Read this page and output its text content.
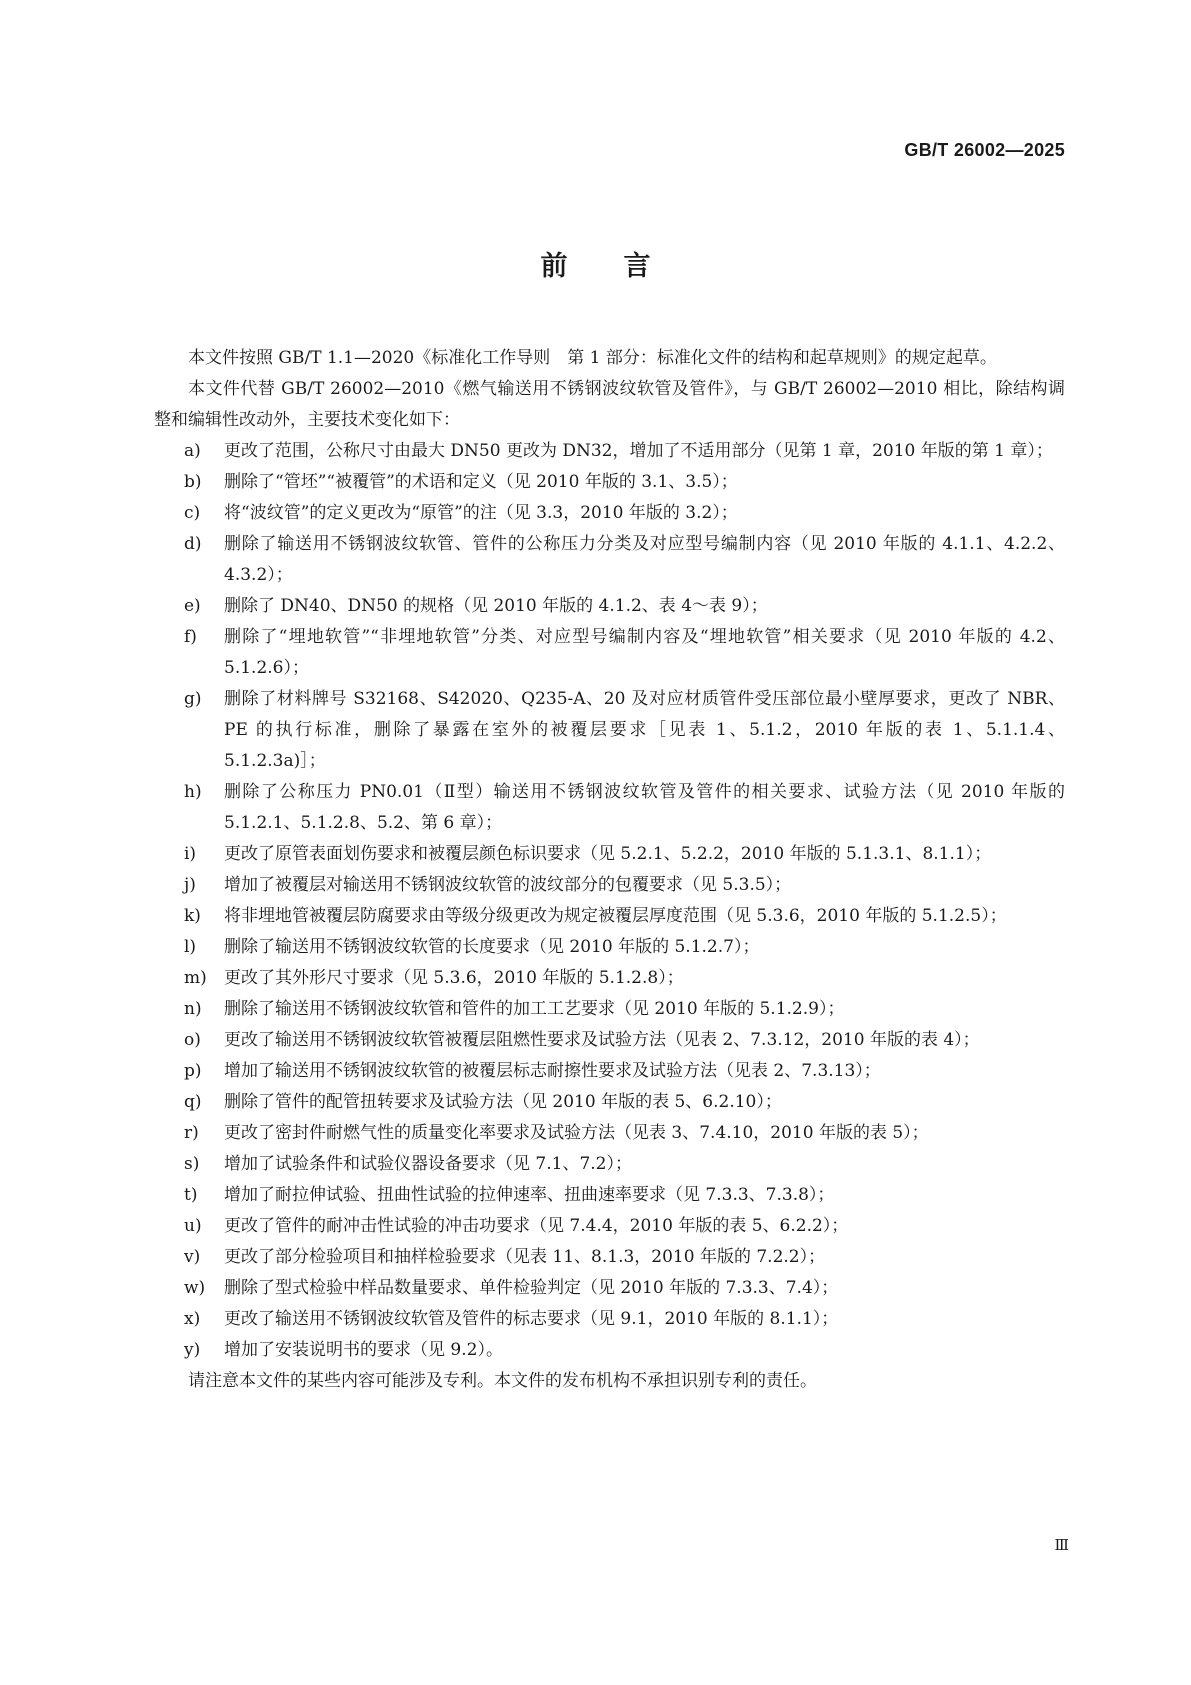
GB/T 26002—2025
前言

本文件按照 GB/T 1.1—2020《标准化工作导则　第 1 部分：标准化文件的结构和起草规则》的规定起草。

本文件代替 GB/T 26002—2010《燃气输送用不锈钢波纹软管及管件》，与 GB/T 26002—2010 相比，除结构调整和编辑性改动外，主要技术变化如下：

a)	更改了范围，公称尺寸由最大 DN50 更改为 DN32，增加了不适用部分（见第 1 章，2010 年版的第 1 章）；
b)	删除了“管坯”“被覆管”的术语和定义（见 2010 年版的 3.1、3.5）；
c)	将“波纹管”的定义更改为“原管”的注（见 3.3，2010 年版的 3.2）；
d)	删除了输送用不锈钢波纹软管、管件的公称压力分类及对应型号编制内容（见 2010 年版的 4.1.1、4.2.2、4.3.2）；
e)	删除了 DN40、DN50 的规格（见 2010 年版的 4.1.2、表 4～表 9）；
f)	删除了“埋地软管”“非埋地软管”分类、对应型号编制内容及“埋地软管”相关要求（见 2010 年版的 4.2、5.1.2.6）；
g)	删除了材料牌号 S32168、S42020、Q235-A、20 及对应材质管件受压部位最小壁厚要求，更改了 NBR、PE 的执行标准，删除了暴露在室外的被覆层要求［见表 1、5.1.2，2010 年版的表 1、5.1.1.4、5.1.2.3a)］；
h)	删除了公称压力 PN0.01（Ⅱ型）输送用不锈钢波纹软管及管件的相关要求、试验方法（见 2010 年版的 5.1.2.1、5.1.2.8、5.2、第 6 章）；
i)	更改了原管表面划伤要求和被覆层颜色标识要求（见 5.2.1、5.2.2，2010 年版的 5.1.3.1、8.1.1）；
j)	增加了被覆层对输送用不锈钢波纹软管的波纹部分的包覆要求（见 5.3.5）；
k)	将非埋地管被覆层防腐要求由等级分级更改为规定被覆层厚度范围（见 5.3.6，2010 年版的 5.1.2.5）；
l)	删除了输送用不锈钢波纹软管的长度要求（见 2010 年版的 5.1.2.7）；
m)	更改了其外形尺寸要求（见 5.3.6，2010 年版的 5.1.2.8）；
n)	删除了输送用不锈钢波纹软管和管件的加工工艺要求（见 2010 年版的 5.1.2.9）；
o)	更改了输送用不锈钢波纹软管被覆层阻燃性要求及试验方法（见表 2、7.3.12，2010 年版的表 4）；
p)	增加了输送用不锈钢波纹软管的被覆层标志耐擦性要求及试验方法（见表 2、7.3.13）；
q)	删除了管件的配管扭转要求及试验方法（见 2010 年版的表 5、6.2.10）；
r)	更改了密封件耐燃气性的质量变化率要求及试验方法（见表 3、7.4.10，2010 年版的表 5）；
s)	增加了试验条件和试验仪器设备要求（见 7.1、7.2）；
t)	增加了耐拉伸试验、扭曲性试验的拉伸速率、扭曲速率要求（见 7.3.3、7.3.8）；
u)	更改了管件的耐冲击性试验的冲击功要求（见 7.4.4，2010 年版的表 5、6.2.2）；
v)	更改了部分检验项目和抽样检验要求（见表 11、8.1.3，2010 年版的 7.2.2）；
w)	删除了型式检验中样品数量要求、单件检验判定（见 2010 年版的 7.3.3、7.4）；
x)	更改了输送用不锈钢波纹软管及管件的标志要求（见 9.1，2010 年版的 8.1.1）；
y)	增加了安装说明书的要求（见 9.2）。

请注意本文件的某些内容可能涉及专利。本文件的发布机构不承担识别专利的责任。

Ⅲ
